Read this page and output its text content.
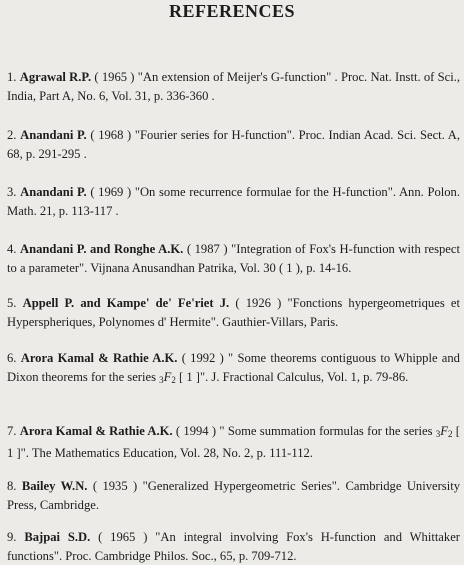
REFERENCES
1. Agrawal R.P. ( 1965 ) "An extension of Meijer's G-function" . Proc. Nat. Instt. of Sci., India, Part A, No. 6, Vol. 31, p. 336-360 .
2. Anandani P. ( 1968 ) "Fourier series for H-function". Proc. Indian Acad. Sci. Sect. A, 68, p. 291-295 .
3. Anandani P. ( 1969 ) "On some recurrence formulae for the H-function". Ann. Polon. Math. 21, p. 113-117 .
4. Anandani P. and Ronghe A.K. ( 1987 ) "Integration of Fox's H-function with respect to a parameter". Vijnana Anusandhan Patrika, Vol. 30 ( 1 ), p. 14-16.
5. Appell P. and Kampe' de' Fe'riet J. ( 1926 ) "Fonctions hypergeometriques et Hyperspheriques, Polynomes d' Hermite". Gauthier-Villars, Paris.
6. Arora Kamal & Rathie A.K. ( 1992 ) " Some theorems contiguous to Whipple and Dixon theorems for the series $_3F_2$ [ 1 ]". J. Fractional Calculus, Vol. 1, p. 79-86.
7. Arora Kamal & Rathie A.K. ( 1994 ) " Some summation formulas for the series $_3F_2$ [ 1 ]". The Mathematics Education, Vol. 28, No. 2, p. 111-112.
8. Bailey W.N. ( 1935 ) "Generalized Hypergeometric Series". Cambridge University Press, Cambridge.
9. Bajpai S.D. ( 1965 ) "An integral involving Fox's H-function and Whittaker functions". Proc. Cambridge Philos. Soc., 65, p. 709-712.
